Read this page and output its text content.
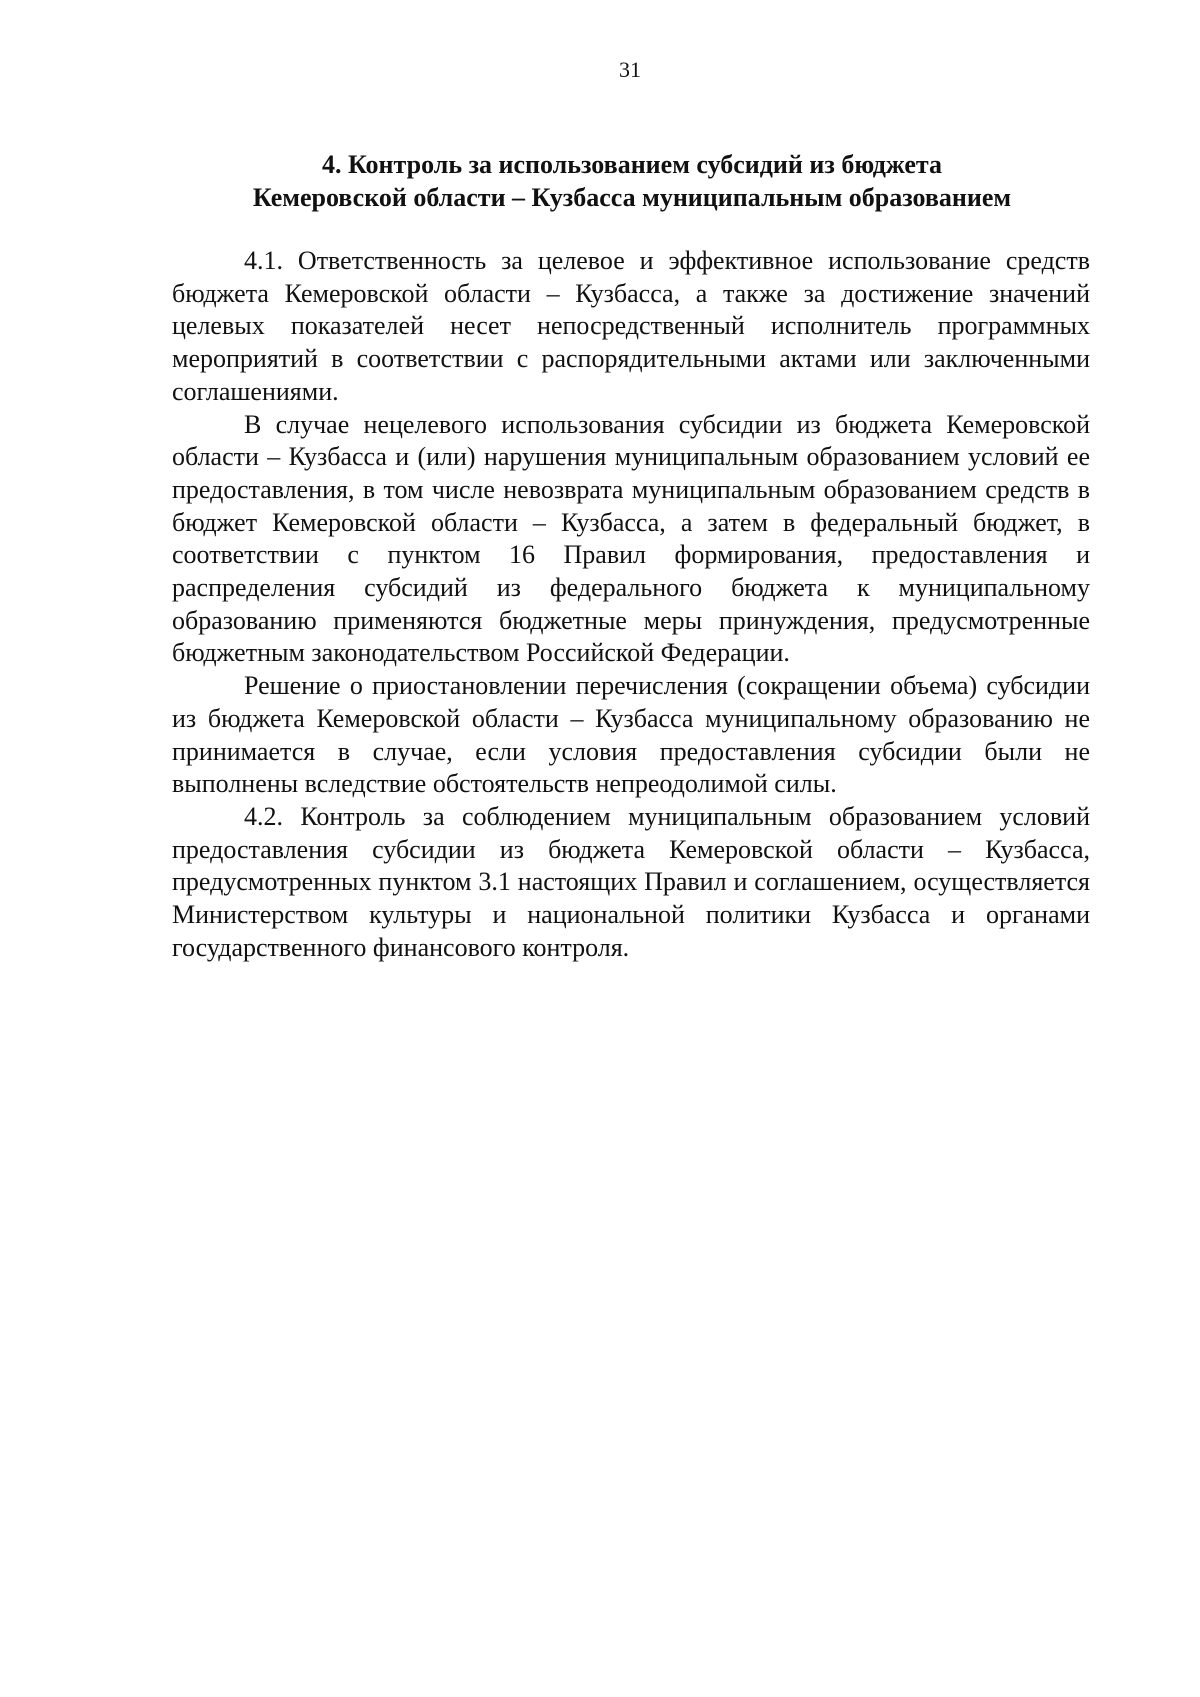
31
4. Контроль за использованием субсидий из бюджета
Кемеровской области – Кузбасса муниципальным образованием

4.1. Ответственность за целевое и эффективное использование средств бюджета Кемеровской области – Кузбасса, а также за достижение значений целевых показателей несет непосредственный исполнитель программных мероприятий в соответствии с распорядительными актами или заключенными соглашениями.

В случае нецелевого использования субсидии из бюджета Кемеровской области – Кузбасса и (или) нарушения муниципальным образованием условий ее предоставления, в том числе невозврата муниципальным образованием средств в бюджет Кемеровской области – Кузбасса, а затем в федеральный бюджет, в соответствии с пунктом 16 Правил формирования, предоставления и распределения субсидий из федерального бюджета к муниципальному образованию применяются бюджетные меры принуждения, предусмотренные бюджетным законодательством Российской Федерации.

Решение о приостановлении перечисления (сокращении объема) субсидии из бюджета Кемеровской области – Кузбасса муниципальному образованию не принимается в случае, если условия предоставления субсидии были не выполнены вследствие обстоятельств непреодолимой силы.

4.2. Контроль за соблюдением муниципальным образованием условий предоставления субсидии из бюджета Кемеровской области – Кузбасса, предусмотренных пунктом 3.1 настоящих Правил и соглашением, осуществляется Министерством культуры и национальной политики Кузбасса и органами государственного финансового контроля.
